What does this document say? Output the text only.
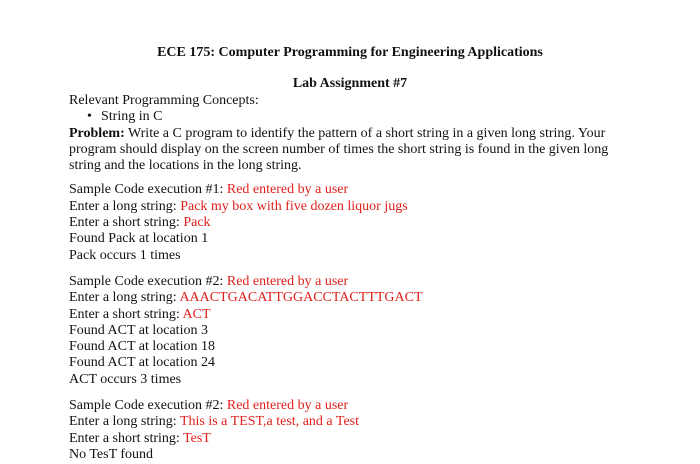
ECE 175: Computer Programming for Engineering Applications
Lab Assignment #7
Relevant Programming Concepts:
• String in C
Problem: Write a C program to identify the pattern of a short string in a given long string. Your program should display on the screen number of times the short string is found in the given long string and the locations in the long string.
Sample Code execution #1: Red entered by a user
Enter a long string: Pack my box with five dozen liquor jugs
Enter a short string: Pack
Found Pack at location 1
Pack occurs 1 times
Sample Code execution #2: Red entered by a user
Enter a long string: AAACTGACATTGGACCTACTTTGACT
Enter a short string: ACT
Found ACT at location 3
Found ACT at location 18
Found ACT at location 24
ACT occurs 3 times
Sample Code execution #2: Red entered by a user
Enter a long string: This is a TEST,a test, and a Test
Enter a short string: TesT
No TesT found
